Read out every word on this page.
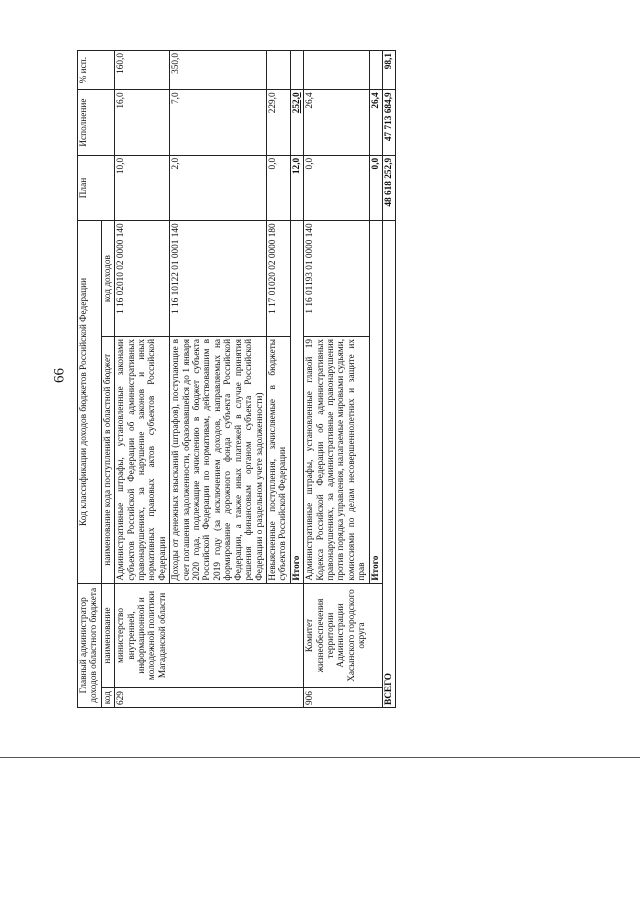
66
Главный администратор доходов областного бюджета		Код классификации доходов бюджетов Российской Федерации		План	Исполнение	% исп.
код	наименование	наименование кода поступлений в областной бюджет	код доходов			
629	министерство внутренней, информационной и молодежной политики Магаданской области	Административные штрафы, установленные законами субъектов Российской Федерации об административных правонарушениях, за нарушение законов и иных нормативных правовых актов субъектов Российской Федерации	1 16 02010 02 0000 140	10,0	16,0	160,0
		Доходы от денежных взысканий (штрафов), поступающие в счет погашения задолженности, образовавшейся до 1 января 2020 года, подлежащие зачислению в бюджет субъекта Российской Федерации по нормативам, действовавшим в 2019 году (за исключением доходов, направляемых на формирование дорожного фонда субъекта Российской Федерации, а также иных платежей в случае принятия решения финансовым органом субъекта Российской Федерации о раздельном учете задолженности)	1 16 10122 01 0001 140	2,0	7,0	350,0
		Невыясненные поступления, зачисляемые в бюджеты субъектов Российской Федерации	1 17 01020 02 0000 180	0,0	229,0	
		Итого		12,0	252,0	
906	Комитет жизнеобеспечения территории Администрации Хасынского городского округа	Административные штрафы, установленные главой 19 Кодекса Российской Федерации об административных правонарушениях, за административные правонарушения против порядка управления, налагаемые мировыми судьями, комиссиями по делам несовершеннолетних и защите их прав	1 16 01193 01 0000 140	0,0	26,4	
		Итого		0,0	26,4	
ВСЕГО				48 618 252,9	47 713 684,9	98,1
